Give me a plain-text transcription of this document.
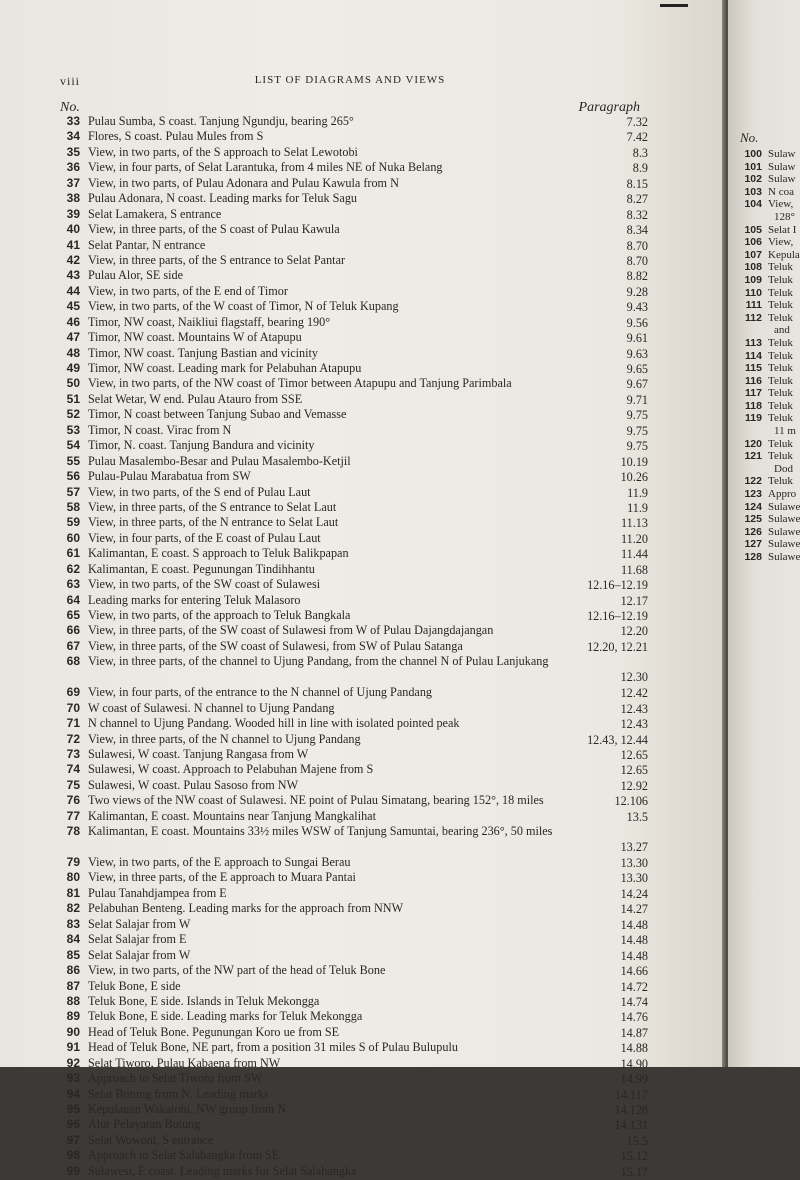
viii	LIST OF DIAGRAMS AND VIEWS
No.	Paragraph
33 Pulau Sumba, S coast. Tanjung Ngundju, bearing 265°	7.32
34 Flores, S coast. Pulau Mules from S	7.42
35 View, in two parts, of the S approach to Selat Lewotobi	8.3
36 View, in four parts, of Selat Larantuka, from 4 miles NE of Nuka Belang	8.9
37 View, in two parts, of Pulau Adonara and Pulau Kawula from N	8.15
38 Pulau Adonara, N coast. Leading marks for Teluk Sagu	8.27
39 Selat Lamakera, S entrance	8.32
40 View, in three parts, of the S coast of Pulau Kawula	8.34
41 Selat Pantar, N entrance	8.70
42 View, in three parts, of the S entrance to Selat Pantar	8.70
43 Pulau Alor, SE side	8.82
44 View, in two parts, of the E end of Timor	9.28
45 View, in two parts, of the W coast of Timor, N of Teluk Kupang	9.43
46 Timor, NW coast, Naikliui flagstaff, bearing 190°	9.56
47 Timor, NW coast. Mountains W of Atapupu	9.61
48 Timor, NW coast. Tanjung Bastian and vicinity	9.63
49 Timor, NW coast. Leading mark for Pelabuhan Atapupu	9.65
50 View, in two parts, of the NW coast of Timor between Atapupu and Tanjung Parimbala	9.67
51 Selat Wetar, W end. Pulau Atauro from SSE	9.71
52 Timor, N coast between Tanjung Subao and Vemasse	9.75
53 Timor, N coast. Virac from N	9.75
54 Timor, N. coast. Tanjung Bandura and vicinity	9.75
55 Pulau Masalembo-Besar and Pulau Masalembo-Ketjil	10.19
56 Pulau-Pulau Marabatua from SW	10.26
57 View, in two parts, of the S end of Pulau Laut	11.9
58 View, in three parts, of the S entrance to Selat Laut	11.9
59 View, in three parts, of the N entrance to Selat Laut	11.13
60 View, in four parts, of the E coast of Pulau Laut	11.20
61 Kalimantan, E coast. S approach to Teluk Balikpapan	11.44
62 Kalimantan, E coast. Pegunungan Tindihhantu	11.68
63 View, in two parts, of the SW coast of Sulawesi	12.16–12.19
64 Leading marks for entering Teluk Malasoro	12.17
65 View, in two parts, of the approach to Teluk Bangkala	12.16–12.19
66 View, in three parts, of the SW coast of Sulawesi from W of Pulau Dajangdajangan	12.20
67 View, in three parts, of the SW coast of Sulawesi, from SW of Pulau Satanga	12.20, 12.21
68 View, in three parts, of the channel to Ujung Pandang, from the channel N of Pulau Lanjukang
12.30
69 View, in four parts, of the entrance to the N channel of Ujung Pandang	12.42
70 W coast of Sulawesi. N channel to Ujung Pandang	12.43
71 N channel to Ujung Pandang. Wooded hill in line with isolated pointed peak	12.43
72 View, in three parts, of the N channel to Ujung Pandang	12.43, 12.44
73 Sulawesi, W coast. Tanjung Rangasa from W	12.65
74 Sulawesi, W coast. Approach to Pelabuhan Majene from S	12.65
75 Sulawesi, W coast. Pulau Sasoso from NW	12.92
76 Two views of the NW coast of Sulawesi. NE point of Pulau Simatang, bearing 152°, 18 miles	12.106
77 Kalimantan, E coast. Mountains near Tanjung Mangkalihat	13.5
78 Kalimantan, E coast. Mountains 33½ miles WSW of Tanjung Samuntai, bearing 236°, 50 miles
13.27
79 View, in two parts, of the E approach to Sungai Berau	13.30
80 View, in three parts, of the E approach to Muara Pantai	13.30
81 Pulau Tanahdjampea from E	14.24
82 Pelabuhan Benteng. Leading marks for the approach from NNW	14.27
83 Selat Salajar from W	14.48
84 Selat Salajar from E	14.48
85 Selat Salajar from W	14.48
86 View, in two parts, of the NW part of the head of Teluk Bone	14.66
87 Teluk Bone, E side	14.72
88 Teluk Bone, E side. Islands in Teluk Mekongga	14.74
89 Teluk Bone, E side. Leading marks for Teluk Mekongga	14.76
90 Head of Teluk Bone. Pegunungan Koro ue from SE	14.87
91 Head of Teluk Bone, NE part, from a position 31 miles S of Pulau Bulupulu	14.88
92 Selat Tiworo, Pulau Kabaena from NW	14.90
93 Approach to Selat Tiworo from SW	14.99
94 Selat Butung from N. Leading marks	14.117
95 Kepulauan Wakatohi. NW group from N	14.128
96 Alur Pelayaran Butung	14.131
97 Selat Wowoni, S entrance	15.5
98 Approach to Selat Salabangka from SE	15.12
99 Sulawesi, E coast. Leading marks for Selat Salabangka	15.17
No.
100 Sulaw
101 Sulaw
102 Sulaw
103 N coa
104 View,
128°
105 Selat I
106 View,
107 Kepula
108 Teluk
109 Teluk
110 Teluk
111 Teluk
112 Teluk
and
113 Teluk
114 Teluk
115 Teluk
116 Teluk
117 Teluk
118 Teluk
119 Teluk
11 m
120 Teluk
121 Teluk
Dod
122 Teluk
123 Appro
124 Sulawe
125 Sulawe
126 Sulawe
127 Sulawe
128 Sulawe
